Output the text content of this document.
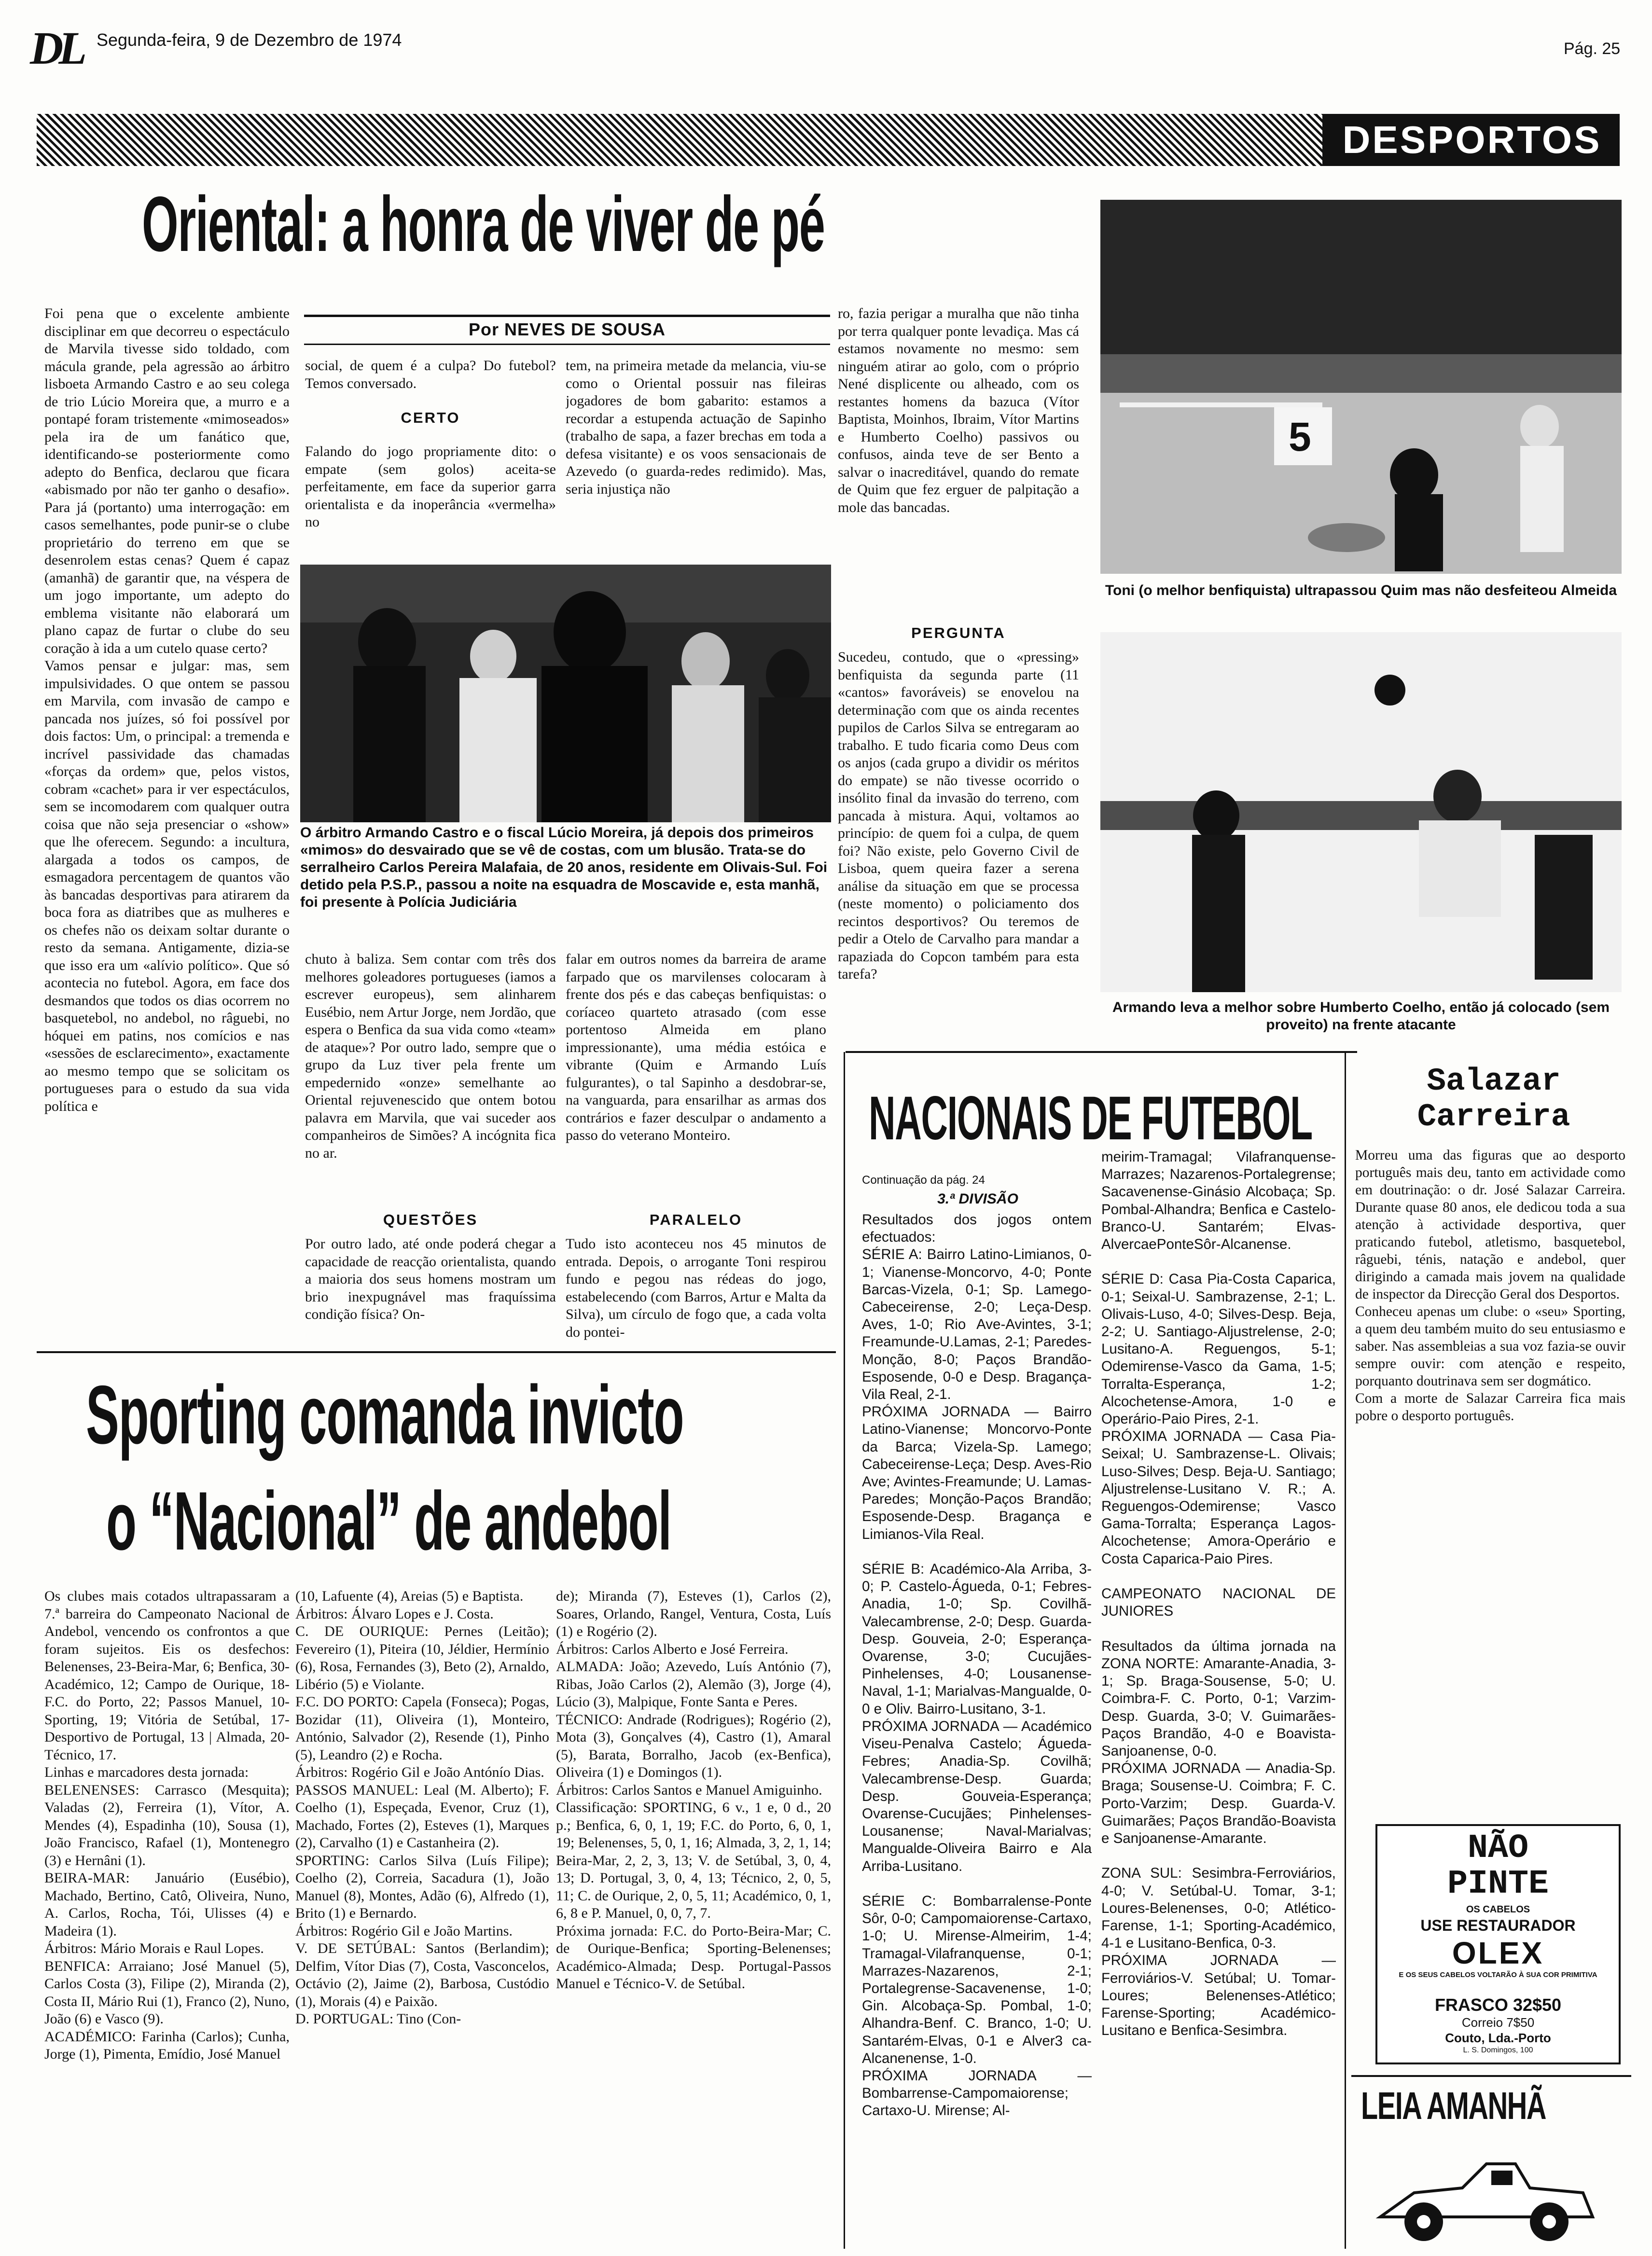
DL Segunda-feira, 9 de Dezembro de 1974	Pág. 25
DESPORTOS
Oriental: a honra de viver de pé
Foi pena que o excelente ambiente disciplinar em que decorreu o espectáculo de Marvila tivesse sido toldado, com mácula grande, pela agressão ao árbitro lisboeta Armando Castro e ao seu colega de trio Lúcio Moreira que, a murro e a pontapé foram tristemente «mimoseados» pela ira de um fanático que, identificando-se posteriormente como adepto do Benfica, declarou que ficara «abismado por não ter ganho o desafio». Para já (portanto) uma interrogação: em casos semelhantes, pode punir-se o clube proprietário do terreno em que se desenrolem estas cenas? Quem é capaz (amanhã) de garantir que, na véspera de um jogo importante, um adepto do emblema visitante não elaborará um plano capaz de furtar o clube do seu coração à ida a um cutelo quase certo?
Vamos pensar e julgar: mas, sem impulsividades. O que ontem se passou em Marvila, com invasão de campo e pancada nos juízes, só foi possível por dois factos: Um, o principal: a tremenda e incrível passividade das chamadas «forças da ordem» que, pelos vistos, cobram «cachet» para ir ver espectáculos, sem se incomodarem com qualquer outra coisa que não seja presenciar o «show» que lhe oferecem. Segundo: a incultura, alargada a todos os campos, de esmagadora percentagem de quantos vão às bancadas desportivas para atirarem da boca fora as diatribes que as mulheres e os chefes não os deixam soltar durante o resto da semana. Antigamente, dizia-se que isso era um «alívio político». Que só acontecia no futebol. Agora, em face dos desmandos que todos os dias ocorrem no basquetebol, no andebol, no râguebi, no hóquei em patins, nos comícios e nas «sessões de esclarecimento», exactamente ao mesmo tempo que se solicitam os portugueses para o estudo da sua vida política e
Por NEVES DE SOUSA
social, de quem é a culpa? Do futebol? Temos conversado.
CERTO
Falando do jogo propriamente dito: o empate (sem golos) aceita-se perfeitamente, em face da superior garra orientalista e da inoperância «vermelha» no
tem, na primeira metade da melancia, viu-se como o Oriental possuir nas fileiras jogadores de bom gabarito: estamos a recordar a estupenda actuação de Sapinho (trabalho de sapa, a fazer brechas em toda a defesa visitante) e os voos sensacionais de Azevedo (o guarda-redes redimido). Mas, seria injustiça não
O árbitro Armando Castro e o fiscal Lúcio Moreira, já depois dos primeiros «mimos» do desvairado que se vê de costas, com um blusão. Trata-se do serralheiro Carlos Pereira Malafaia, de 20 anos, residente em Olivais-Sul. Foi detido pela P.S.P., passou a noite na esquadra de Moscavide e, esta manhã, foi presente à Polícia Judiciária
chuto à baliza. Sem contar com três dos melhores goleadores portugueses (iamos a escrever europeus), sem alinharem Eusébio, nem Artur Jorge, nem Jordão, que espera o Benfica da sua vida como «team» de ataque»? Por outro lado, sempre que o grupo da Luz tiver pela frente um empedernido «onze» semelhante ao Oriental rejuvenescido que ontem botou palavra em Marvila, que vai suceder aos companheiros de Simões? A incógnita fica no ar.
QUESTÕES
Por outro lado, até onde poderá chegar a capacidade de reacção orientalista, quando a maioria dos seus homens mostram um brio inexpugnável mas fraquíssima condição física? On-
falar em outros nomes da barreira de arame farpado que os marvilenses colocaram à frente dos pés e das cabeças benfiquistas: o coríaceo quarteto atrasado (com esse portentoso Almeida em plano impressionante), uma média estóica e vibrante (Quim e Armando Luís fulgurantes), o tal Sapinho a desdobrar-se, na vanguarda, para ensarilhar as armas dos contrários e fazer desculpar o andamento a passo do veterano Monteiro.
PARALELO
Tudo isto aconteceu nos 45 minutos de entrada. Depois, o arrogante Toni respirou fundo e pegou nas rédeas do jogo, estabelecendo (com Barros, Artur e Malta da Silva), um círculo de fogo que, a cada volta do pontei-
ro, fazia perigar a muralha que não tinha por terra qualquer ponte levadiça. Mas cá estamos novamente no mesmo: sem ninguém atirar ao golo, com o próprio Nené displicente ou alheado, com os restantes homens da bazuca (Vítor Baptista, Moinhos, Ibraim, Vítor Martins e Humberto Coelho) passivos ou confusos, ainda teve de ser Bento a salvar o inacreditável, quando do remate de Quim que fez erguer de palpitação a mole das bancadas.
PERGUNTA
Sucedeu, contudo, que o «pressing» benfiquista da segunda parte (11 «cantos» favoráveis) se enovelou na determinação com que os ainda recentes pupilos de Carlos Silva se entregaram ao trabalho. E tudo ficaria como Deus com os anjos (cada grupo a dividir os méritos do empate) se não tivesse ocorrido o insólito final da invasão do terreno, com pancada à mistura. Aqui, voltamos ao princípio: de quem foi a culpa, de quem foi? Não existe, pelo Governo Civil de Lisboa, quem queira fazer a serena análise da situação em que se processa (neste momento) o policiamento dos recintos desportivos? Ou teremos de pedir a Otelo de Carvalho para mandar a rapaziada do Copcon também para esta tarefa?
5
Toni (o melhor benfiquista) ultrapassou Quim mas não desfeiteou Almeida
Armando leva a melhor sobre Humberto Coelho, então já colocado (sem proveito) na frente atacante
Sporting comanda invicto
o “Nacional” de andebol
Os clubes mais cotados ultrapassaram a 7.ª barreira do Campeonato Nacional de Andebol, vencendo os confrontos a que foram sujeitos. Eis os desfechos: Belenenses, 23-Beira-Mar, 6; Benfica, 30-Académico, 12; Campo de Ourique, 18-F.C. do Porto, 22; Passos Manuel, 10-Sporting, 19; Vitória de Setúbal, 17-Desportivo de Portugal, 13 | Almada, 20-Técnico, 17.
Linhas e marcadores desta jornada:
BELENENSES: Carrasco (Mesquita); Valadas (2), Ferreira (1), Vítor, A. Mendes (4), Espadinha (10), Sousa (1), João Francisco, Rafael (1), Montenegro (3) e Hernâni (1).
BEIRA-MAR: Januário (Eusébio), Machado, Bertino, Catô, Oliveira, Nuno, A. Carlos, Rocha, Tói, Ulisses (4) e Madeira (1).
Árbitros: Mário Morais e Raul Lopes.
BENFICA: Arraiano; José Manuel (5), Carlos Costa (3), Filipe (2), Miranda (2), Costa II, Mário Rui (1), Franco (2), Nuno, João (6) e Vasco (9).
ACADÉMICO: Farinha (Carlos); Cunha, Jorge (1), Pimenta, Emídio, José Manuel
(10, Lafuente (4), Areias (5) e Baptista.
Árbitros: Álvaro Lopes e J. Costa.
C. DE OURIQUE: Pernes (Leitão); Fevereiro (1), Piteira (10, Jéldier, Hermínio (6), Rosa, Fernandes (3), Beto (2), Arnaldo, Libério (5) e Violante.
F.C. DO PORTO: Capela (Fonseca); Pogas, Bozidar (11), Oliveira (1), Monteiro, António, Salvador (2), Resende (1), Pinho (5), Leandro (2) e Rocha.
Árbitros: Rogério Gil e João Antónío Dias.
PASSOS MANUEL: Leal (M. Alberto); F. Coelho (1), Espeçada, Evenor, Cruz (1), Machado, Fortes (2), Esteves (1), Marques (2), Carvalho (1) e Castanheira (2).
SPORTING: Carlos Silva (Luís Filipe); Coelho (2), Correia, Sacadura (1), João Manuel (8), Montes, Adão (6), Alfredo (1), Brito (1) e Bernardo.
Árbitros: Rogério Gil e João Martins.
V. DE SETÚBAL: Santos (Berlandim); Delfim, Vítor Dias (7), Costa, Vasconcelos, Octávio (2), Jaime (2), Barbosa, Custódio (1), Morais (4) e Paixão.
D. PORTUGAL: Tino (Con-
de); Miranda (7), Esteves (1), Carlos (2), Soares, Orlando, Rangel, Ventura, Costa, Luís (1) e Rogério (2).
Árbitros: Carlos Alberto e José Ferreira.
ALMADA: João; Azevedo, Luís António (7), Ribas, João Carlos (2), Alemão (3), Jorge (4), Lúcio (3), Malpique, Fonte Santa e Peres.
TÉCNICO: Andrade (Rodrigues); Rogério (2), Mota (3), Gonçalves (4), Castro (1), Amaral (5), Barata, Borralho, Jacob (ex-Benfica), Oliveira (1) e Domingos (1).
Árbitros: Carlos Santos e Manuel Amiguinho.
Classificação: SPORTING, 6 v., 1 e, 0 d., 20 p.; Benfica, 6, 0, 1, 19; F.C. do Porto, 6, 0, 1, 19; Belenenses, 5, 0, 1, 16; Almada, 3, 2, 1, 14; Beira-Mar, 2, 2, 3, 13; V. de Setúbal, 3, 0, 4, 13; D. Portugal, 3, 0, 4, 13; Técnico, 2, 0, 5, 11; C. de Ourique, 2, 0, 5, 11; Académico, 0, 1, 6, 8 e P. Manuel, 0, 0, 7, 7.
Próxima jornada: F.C. do Porto-Beira-Mar; C. de Ourique-Benfica; Sporting-Belenenses; Académico-Almada; Desp. Portugal-Passos Manuel e Técnico-V. de Setúbal.
NACIONAIS DE FUTEBOL
Continuação da pág. 24
3.ª DIVISÃO
Resultados dos jogos ontem efectuados:
SÉRIE A: Bairro Latino-Limianos, 0-1; Vianense-Moncorvo, 4-0; Ponte Barcas-Vizela, 0-1; Sp. Lamego-Cabeceirense, 2-0; Leça-Desp. Aves, 1-0; Rio Ave-Avintes, 3-1; Freamunde-U.Lamas, 2-1; Paredes-Monção, 8-0; Paços Brandão-Esposende, 0-0 e Desp. Bragança-Vila Real, 2-1.
PRÓXIMA JORNADA — Bairro Latino-Vianense; Moncorvo-Ponte da Barca; Vizela-Sp. Lamego; Cabeceirense-Leça; Desp. Aves-Rio Ave; Avintes-Freamunde; U. Lamas-Paredes; Monção-Paços Brandão; Esposende-Desp. Bragança e Limianos-Vila Real.

SÉRIE B: Académico-Ala Arriba, 3-0; P. Castelo-Águeda, 0-1; Febres-Anadia, 1-0; Sp. Covilhã-Valecambrense, 2-0; Desp. Guarda-Desp. Gouveia, 2-0; Esperança-Ovarense, 3-0; Cucujães-Pinhelenses, 4-0; Lousanense-Naval, 1-1; Marialvas-Mangualde, 0-0 e Oliv. Bairro-Lusitano, 3-1.
PRÓXIMA JORNADA — Académico Viseu-Penalva Castelo; Águeda-Febres; Anadia-Sp. Covilhã; Valecambrense-Desp. Guarda; Desp. Gouveia-Esperança; Ovarense-Cucujães; Pinhelenses-Lousanense; Naval-Marialvas; Mangualde-Oliveira Bairro e Ala Arriba-Lusitano.

SÉRIE C: Bombarralense-Ponte Sôr, 0-0; Campomaiorense-Cartaxo, 1-0; U. Mirense-Almeirim, 1-4; Tramagal-Vilafranquense, 0-1; Marrazes-Nazarenos, 2-1; Portalegrense-Sacavenense, 1-0; Gin. Alcobaça-Sp. Pombal, 1-0; Alhandra-Benf. C. Branco, 1-0; U. Santarém-Elvas, 0-1 e Alver3 ca-Alcanenense, 1-0.
PRÓXIMA JORNADA — Bombarrense-Campomaiorense; Cartaxo-U. Mirense; Al-
meirim-Tramagal; Vilafranquense-Marrazes; Nazarenos-Portalegrense; Sacavenense-Ginásio Alcobaça; Sp. Pombal-Alhandra; Benfica e Castelo-Branco-U. Santarém; Elvas-AlvercaePonteSôr-Alcanense.

SÉRIE D: Casa Pia-Costa Caparica, 0-1; Seixal-U. Sambrazense, 2-1; L. Olivais-Luso, 4-0; Silves-Desp. Beja, 2-2; U. Santiago-Aljustrelense, 2-0; Lusitano-A. Reguengos, 5-1; Odemirense-Vasco da Gama, 1-5; Torralta-Esperança, 1-2; Alcochetense-Amora, 1-0 e Operário-Paio Pires, 2-1.
PRÓXIMA JORNADA — Casa Pia-Seixal; U. Sambrazense-L. Olivais; Luso-Silves; Desp. Beja-U. Santiago; Aljustrelense-Lusitano V. R.; A. Reguengos-Odemirense; Vasco Gama-Torralta; Esperança Lagos-Alcochetense; Amora-Operário e Costa Caparica-Paio Pires.

CAMPEONATO NACIONAL DE JUNIORES

Resultados da última jornada na ZONA NORTE: Amarante-Anadia, 3-1; Sp. Braga-Sousense, 5-0; U. Coimbra-F. C. Porto, 0-1; Varzim-Desp. Guarda, 3-0; V. Guimarães-Paços Brandão, 4-0 e Boavista-Sanjoanense, 0-0.
PRÓXIMA JORNADA — Anadia-Sp. Braga; Sousense-U. Coimbra; F. C. Porto-Varzim; Desp. Guarda-V. Guimarães; Paços Brandão-Boavista e Sanjoanense-Amarante.

ZONA SUL: Sesimbra-Ferroviários, 4-0; V. Setúbal-U. Tomar, 3-1; Loures-Belenenses, 0-0; Atlético-Farense, 1-1; Sporting-Académico, 4-1 e Lusitano-Benfica, 0-3.
PRÓXIMA JORNADA — Ferroviários-V. Setúbal; U. Tomar-Loures; Belenenses-Atlético; Farense-Sporting; Académico-Lusitano e Benfica-Sesimbra.
Salazar
Carreira
Morreu uma das figuras que ao desporto português mais deu, tanto em actividade como em doutrinação: o dr. José Salazar Carreira. Durante quase 80 anos, ele dedicou toda a sua atenção à actividade desportiva, quer praticando futebol, atletismo, basquetebol, râguebi, ténis, natação e andebol, quer dirigindo a camada mais jovem na qualidade de inspector da Direcção Geral dos Desportos.
Conheceu apenas um clube: o «seu» Sporting, a quem deu também muito do seu entusiasmo e saber. Nas assembleias a sua voz fazia-se ouvir sempre ouvir: com atenção e respeito, porquanto doutrinava sem ser dogmático.
Com a morte de Salazar Carreira fica mais pobre o desporto português.
NÃO
PINTE
OS CABELOS
USE RESTAURADOR
OLEX
E OS SEUS CABELOS VOLTARÃO À SUA COR PRIMITIVA
FRASCO 32$50
Correio 7$50
Couto, Lda.-Porto
L. S. Domingos, 100
LEIA AMANHÃ
